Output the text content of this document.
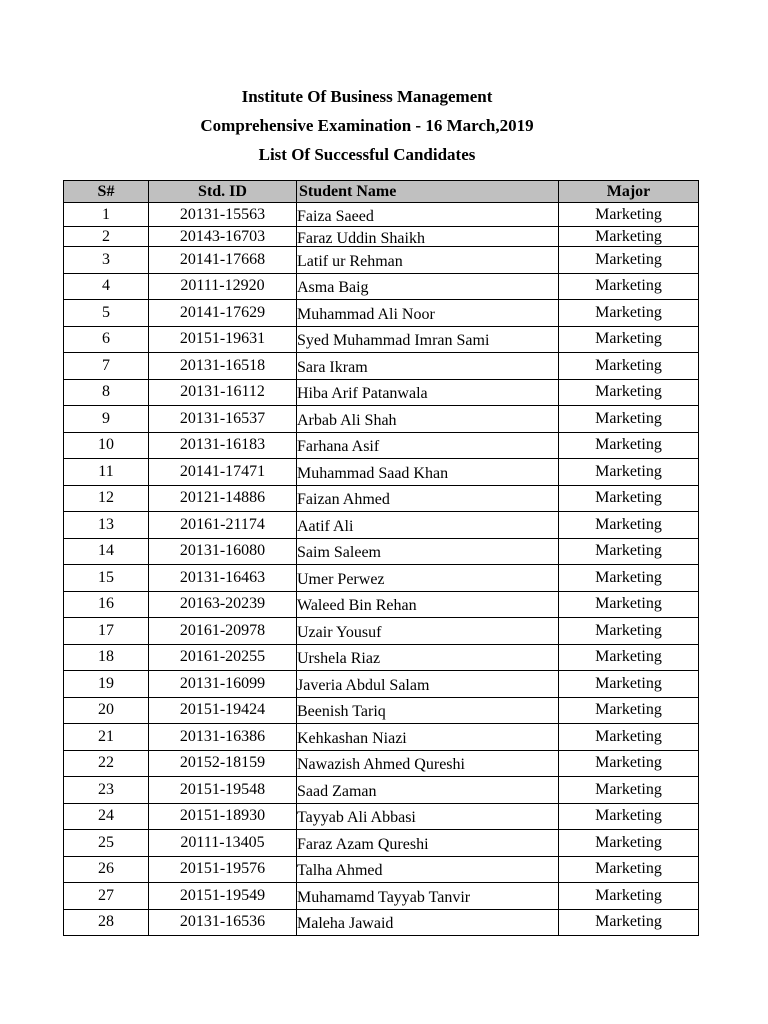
Institute Of Business Management
Comprehensive Examination - 16 March,2019
List Of Successful Candidates
S#	Std. ID	Student Name	Major
1	20131-15563	Faiza Saeed	Marketing
2	20143-16703	Faraz Uddin Shaikh	Marketing
3	20141-17668	Latif ur Rehman	Marketing
4	20111-12920	Asma Baig	Marketing
5	20141-17629	Muhammad Ali Noor	Marketing
6	20151-19631	Syed Muhammad Imran Sami	Marketing
7	20131-16518	Sara Ikram	Marketing
8	20131-16112	Hiba Arif Patanwala	Marketing
9	20131-16537	Arbab Ali Shah	Marketing
10	20131-16183	Farhana Asif	Marketing
11	20141-17471	Muhammad Saad Khan	Marketing
12	20121-14886	Faizan Ahmed	Marketing
13	20161-21174	Aatif Ali	Marketing
14	20131-16080	Saim Saleem	Marketing
15	20131-16463	Umer Perwez	Marketing
16	20163-20239	Waleed Bin Rehan	Marketing
17	20161-20978	Uzair Yousuf	Marketing
18	20161-20255	Urshela Riaz	Marketing
19	20131-16099	Javeria Abdul Salam	Marketing
20	20151-19424	Beenish Tariq	Marketing
21	20131-16386	Kehkashan Niazi	Marketing
22	20152-18159	Nawazish Ahmed Qureshi	Marketing
23	20151-19548	Saad Zaman	Marketing
24	20151-18930	Tayyab Ali Abbasi	Marketing
25	20111-13405	Faraz Azam Qureshi	Marketing
26	20151-19576	Talha Ahmed	Marketing
27	20151-19549	Muhamamd Tayyab Tanvir	Marketing
28	20131-16536	Maleha Jawaid	Marketing
